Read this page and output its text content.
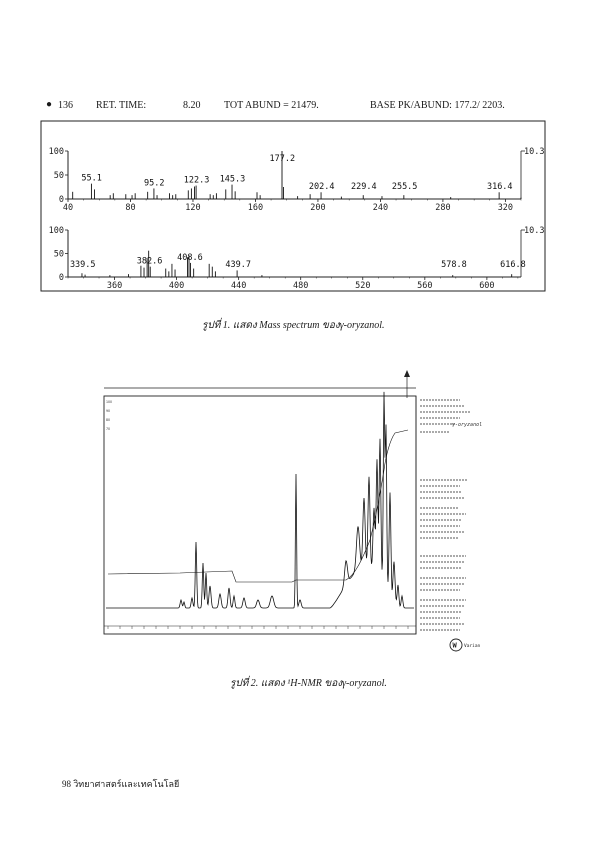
● 136 RET. TIME:	8.20 TOT ABUND = 21479.	BASE PK/ABUND: 177.2/ 2203.
10.3
100
50
0
40	80	120	160	200	240	280	320
55.1	95.2 122.3 145.3
177.2
202.4 229.4 255.5	316.4
10.3
100
50
0
360	400	440	480	520	560	600
339.5	382.6 408.6
439.7	578.8	616.8
รูปที่ 1. แสดง Mass spectrum ของγ-oryzanol.
100
90
80
70
γ-oryzanol
W Varian
รูปที่ 2. แสดง ¹H-NMR ของγ-oryzanol.
98 วิทยาศาสตร์และเทคโนโลยี
